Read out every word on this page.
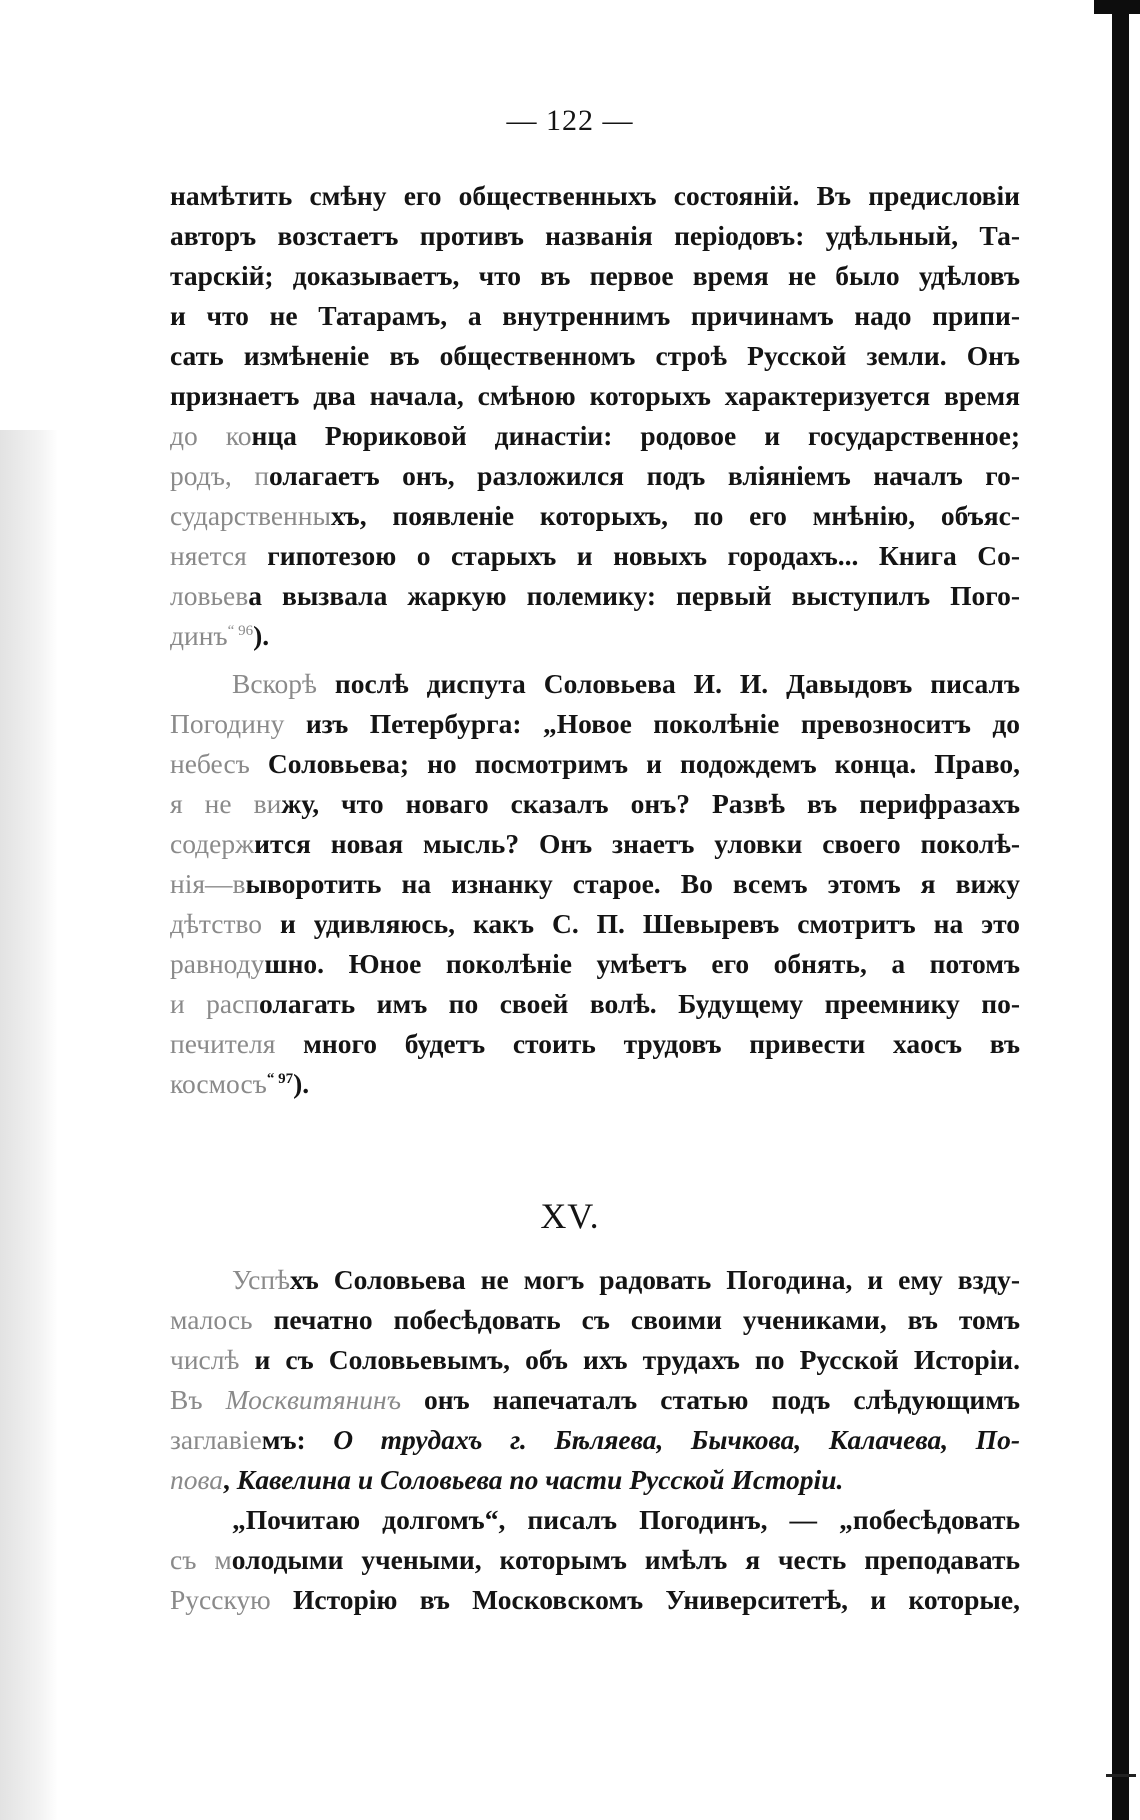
— 122 —
намѣтить смѣну его общественныхъ состояній. Въ предисловіи
авторъ возстаетъ противъ названія періодовъ: удѣльный, Та-
тарскій; доказываетъ, что въ первое время не было удѣловъ
и что не Татарамъ, а внутреннимъ причинамъ надо припи-
сать измѣненіе въ общественномъ строѣ Русской земли. Онъ
признаетъ два начала, смѣною которыхъ характеризуется время
до конца Рюриковой династіи: родовое и государственное;
родъ, полагаетъ онъ, разложился подъ вліяніемъ началъ го-
сударственныхъ, появленіе которыхъ, по его мнѣнію, объяс-
няется гипотезою о старыхъ и новыхъ городахъ... Книга Со-
ловьева вызвала жаркую полемику: первый выступилъ Пого-
динъ$^{“ 96}$).
Вскорѣ послѣ диспута Соловьева И. И. Давыдовъ писалъ
Погодину изъ Петербурга: „Новое поколѣніе превозноситъ до
небесъ Соловьева; но посмотримъ и подождемъ конца. Право,
я не вижу, что новаго сказалъ онъ? Развѣ въ перифразахъ
содержится новая мысль? Онъ знаетъ уловки своего поколѣ-
нія—выворотить на изнанку старое. Во всемъ этомъ я вижу
дѣтство и удивляюсь, какъ С. П. Шевыревъ смотритъ на это
равнодушно. Юное поколѣніе умѣетъ его обнять, а потомъ
и располагать имъ по своей волѣ. Будущему преемнику по-
печителя много будетъ стоить трудовъ привести хаосъ въ
космосъ$^{“ 97}$).
XV.
Успѣхъ Соловьева не могъ радовать Погодина, и ему взду-
малось печатно побесѣдовать съ своими учениками, въ томъ
числѣ и съ Соловьевымъ, объ ихъ трудахъ по Русской Исторіи.
Въ Москвитянинъ онъ напечаталъ статью подъ слѣдующимъ
заглавіемъ: О трудахъ г. Бѣляева, Бычкова, Калачева, По-
пова, Кавелина и Соловьева по части Русской Исторіи.
„Почитаю долгомъ“, писалъ Погодинъ, — „побесѣдовать
съ молодыми учеными, которымъ имѣлъ я честь преподавать
Русскую Исторію въ Московскомъ Университетѣ, и которые,
